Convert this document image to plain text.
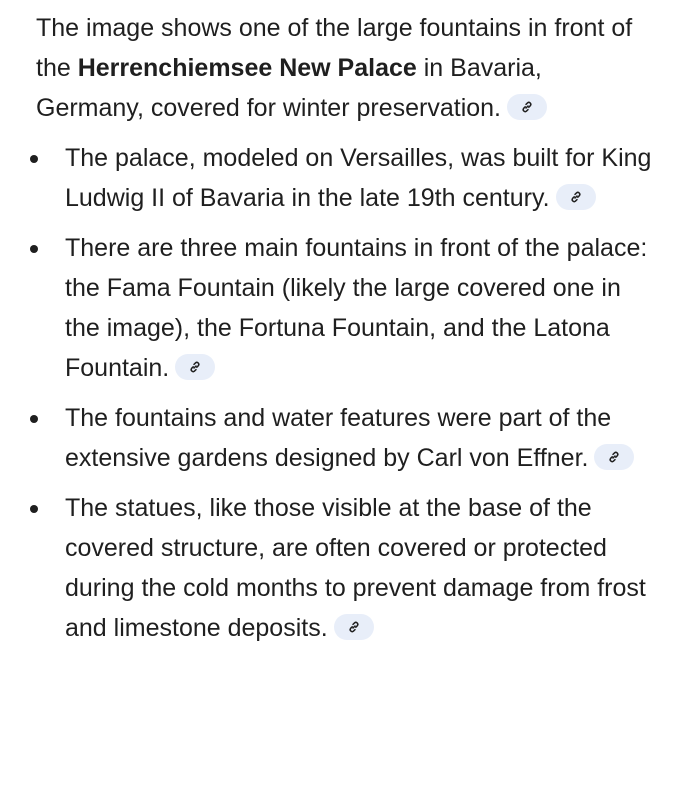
The image shows one of the large fountains in front of the Herrenchiemsee New Palace in Bavaria, Germany, covered for winter preservation.

The palace, modeled on Versailles, was built for King Ludwig II of Bavaria in the late 19th century.
There are three main fountains in front of the palace: the Fama Fountain (likely the large covered one in the image), the Fortuna Fountain, and the Latona Fountain.
The fountains and water features were part of the extensive gardens designed by Carl von Effner.
The statues, like those visible at the base of the covered structure, are often covered or protected during the cold months to prevent damage from frost and limestone deposits.
